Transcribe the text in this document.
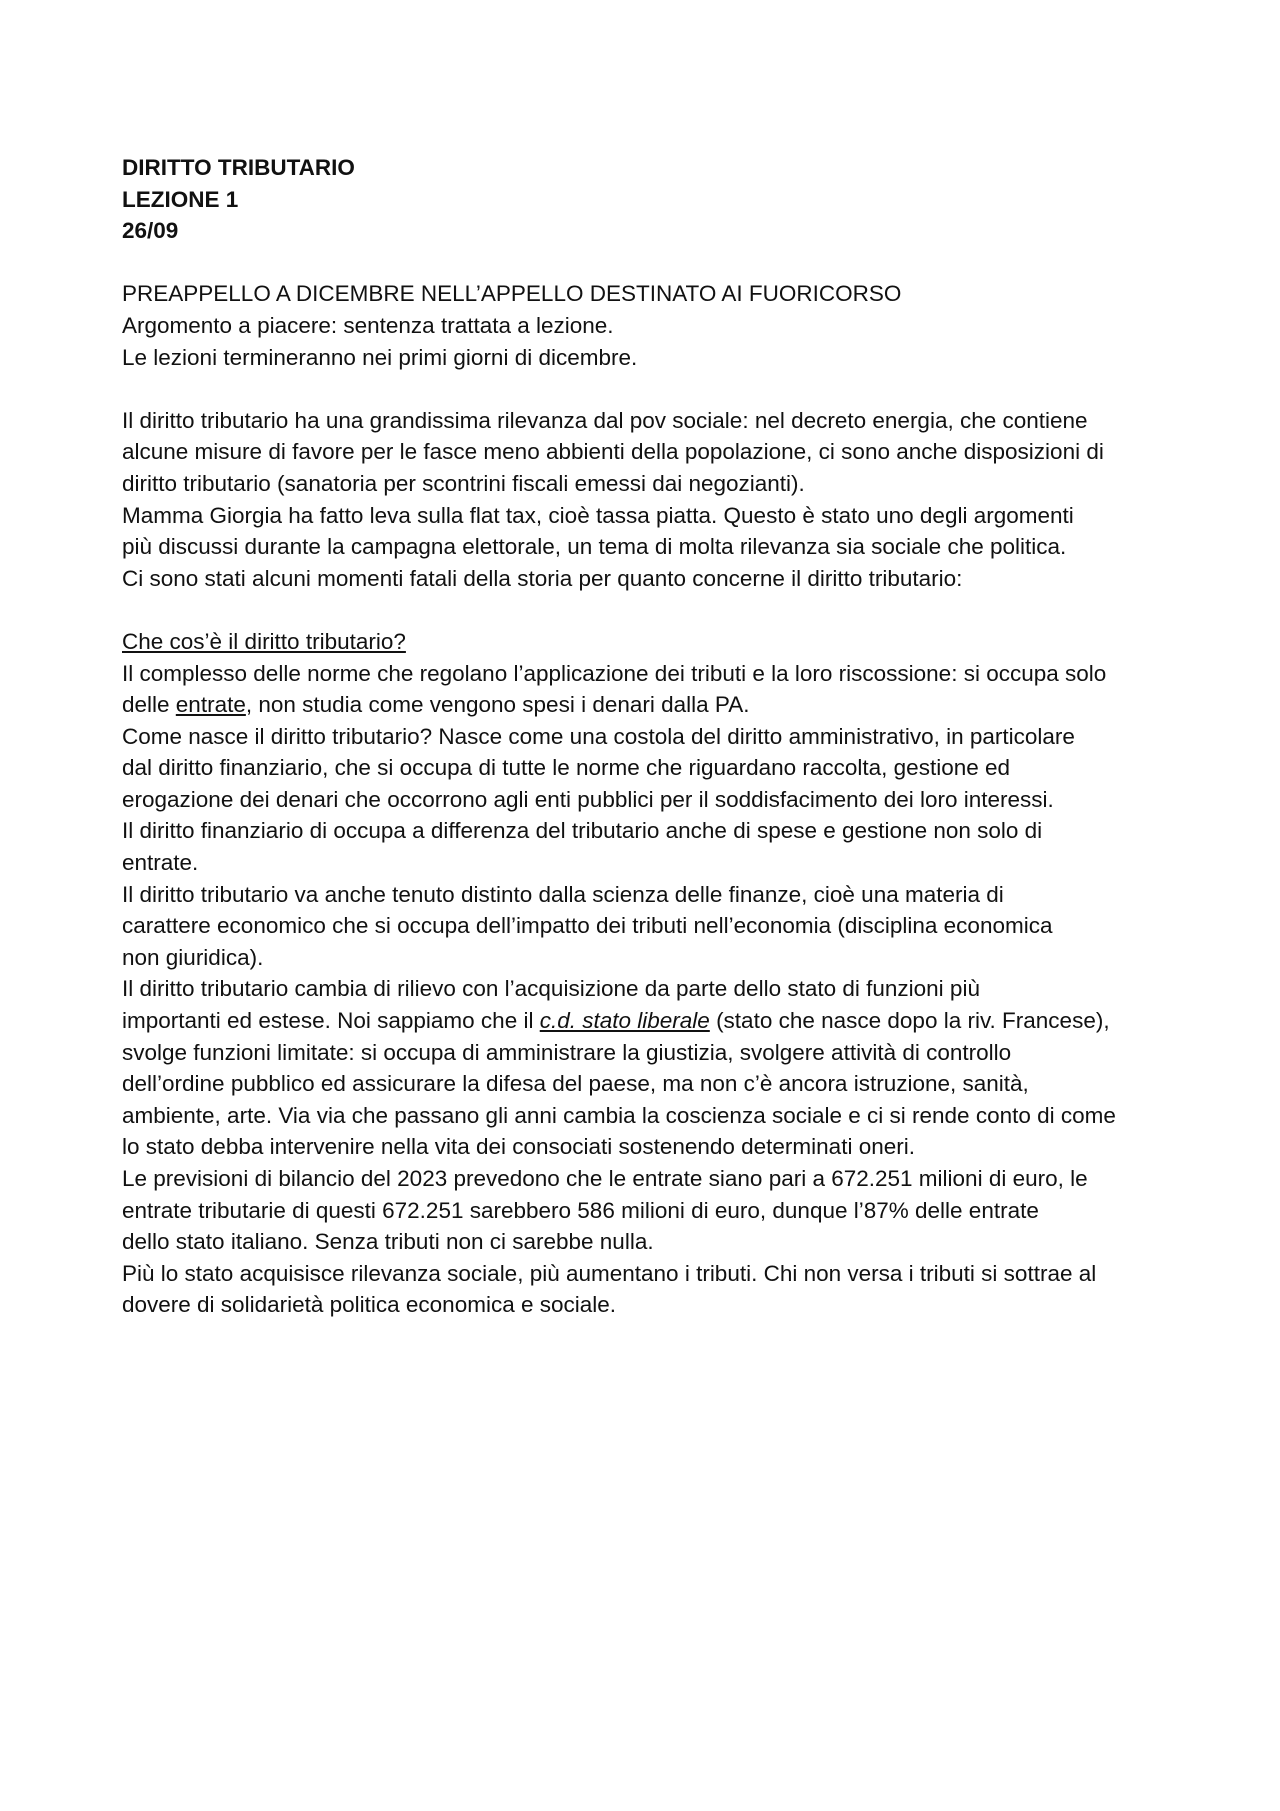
DIRITTO TRIBUTARIO
LEZIONE 1
26/09
PREAPPELLO A DICEMBRE NELL’APPELLO DESTINATO AI FUORICORSO
Argomento a piacere: sentenza trattata a lezione.
Le lezioni termineranno nei primi giorni di dicembre.
Il diritto tributario ha una grandissima rilevanza dal pov sociale: nel decreto energia, che contiene
alcune misure di favore per le fasce meno abbienti della popolazione, ci sono anche disposizioni di
diritto tributario (sanatoria per scontrini fiscali emessi dai negozianti).
Mamma Giorgia ha fatto leva sulla flat tax, cioè tassa piatta. Questo è stato uno degli argomenti
più discussi durante la campagna elettorale, un tema di molta rilevanza sia sociale che politica.
Ci sono stati alcuni momenti fatali della storia per quanto concerne il diritto tributario:
Che cos’è il diritto tributario?
Il complesso delle norme che regolano l’applicazione dei tributi e la loro riscossione: si occupa solo
delle entrate, non studia come vengono spesi i denari dalla PA.
Come nasce il diritto tributario? Nasce come una costola del diritto amministrativo, in particolare
dal diritto finanziario, che si occupa di tutte le norme che riguardano raccolta, gestione ed
erogazione dei denari che occorrono agli enti pubblici per il soddisfacimento dei loro interessi.
Il diritto finanziario di occupa a differenza del tributario anche di spese e gestione non solo di
entrate.
Il diritto tributario va anche tenuto distinto dalla scienza delle finanze, cioè una materia di
carattere economico che si occupa dell’impatto dei tributi nell’economia (disciplina economica
non giuridica).
Il diritto tributario cambia di rilievo con l’acquisizione da parte dello stato di funzioni più
importanti ed estese. Noi sappiamo che il c.d. stato liberale (stato che nasce dopo la riv. Francese),
svolge funzioni limitate: si occupa di amministrare la giustizia, svolgere attività di controllo
dell’ordine pubblico ed assicurare la difesa del paese, ma non c’è ancora istruzione, sanità,
ambiente, arte. Via via che passano gli anni cambia la coscienza sociale e ci si rende conto di come
lo stato debba intervenire nella vita dei consociati sostenendo determinati oneri.
Le previsioni di bilancio del 2023 prevedono che le entrate siano pari a 672.251 milioni di euro, le
entrate tributarie di questi 672.251 sarebbero 586 milioni di euro, dunque l’87% delle entrate
dello stato italiano. Senza tributi non ci sarebbe nulla.
Più lo stato acquisisce rilevanza sociale, più aumentano i tributi. Chi non versa i tributi si sottrae al
dovere di solidarietà politica economica e sociale.
